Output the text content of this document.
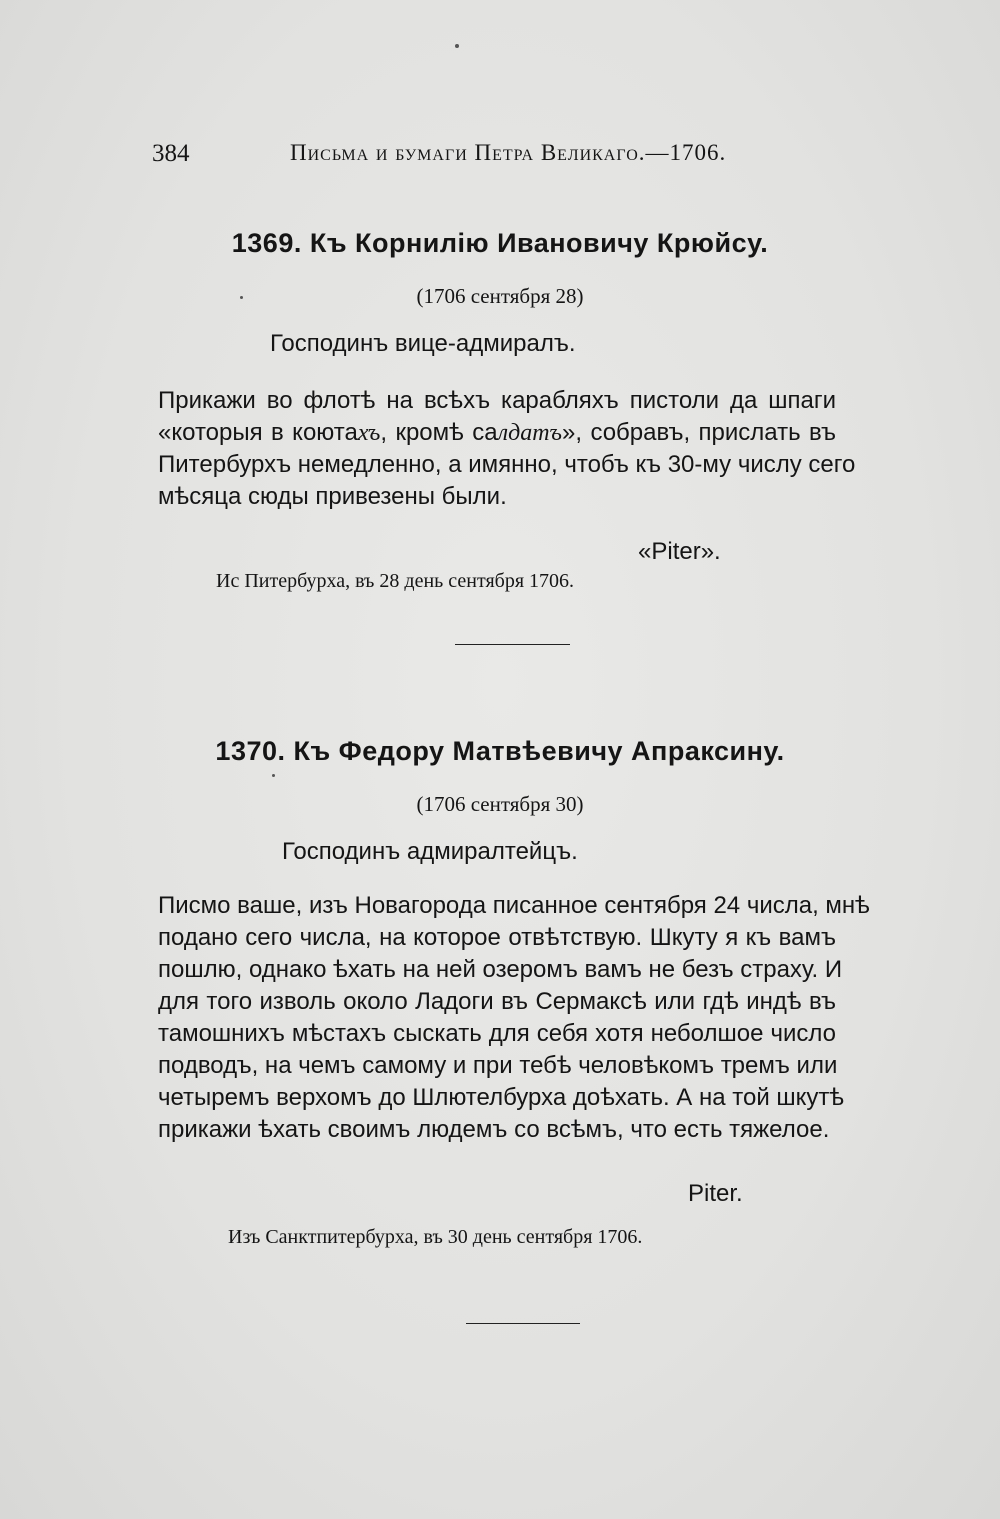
384	Письма и бумаги Петра Великаго.—1706.
1369. Къ Корнилію Ивановичу Крюйсу.
(1706 сентября 28)
Господинъ вице-адмиралъ.
Прикажи во флотѣ на всѣхъ карабляхъ пистоли да шпаги
«которыя в коютахъ, кромѣ салдатъ», собравъ, прислать въ
Питербурхъ немедленно, а имянно, чтобъ къ 30-му числу сего
мѣсяца сюды привезены были.
«Piter».
Ис Питербурха, въ 28 день сентября 1706.
1370. Къ Федору Матвѣевичу Апраксину.
(1706 сентября 30)
Господинъ адмиралтейцъ.
Писмо ваше, изъ Новагорода писанное сентября 24 числа, мнѣ
подано сего числа, на которое отвѣтствую. Шкуту я къ вамъ
пошлю, однако ѣхать на ней озеромъ вамъ не безъ страху. И
для того изволь около Ладоги въ Сермаксѣ или гдѣ индѣ въ
тамошнихъ мѣстахъ сыскать для себя хотя неболшое число
подводъ, на чемъ самому и при тебѣ человѣкомъ тремъ или
четыремъ верхомъ до Шлютелбурха доѣхать. А на той шкутѣ
прикажи ѣхать своимъ людемъ со всѣмъ, что есть тяжелое.
Piter.
Изъ Санктпитербурха, въ 30 день сентября 1706.
